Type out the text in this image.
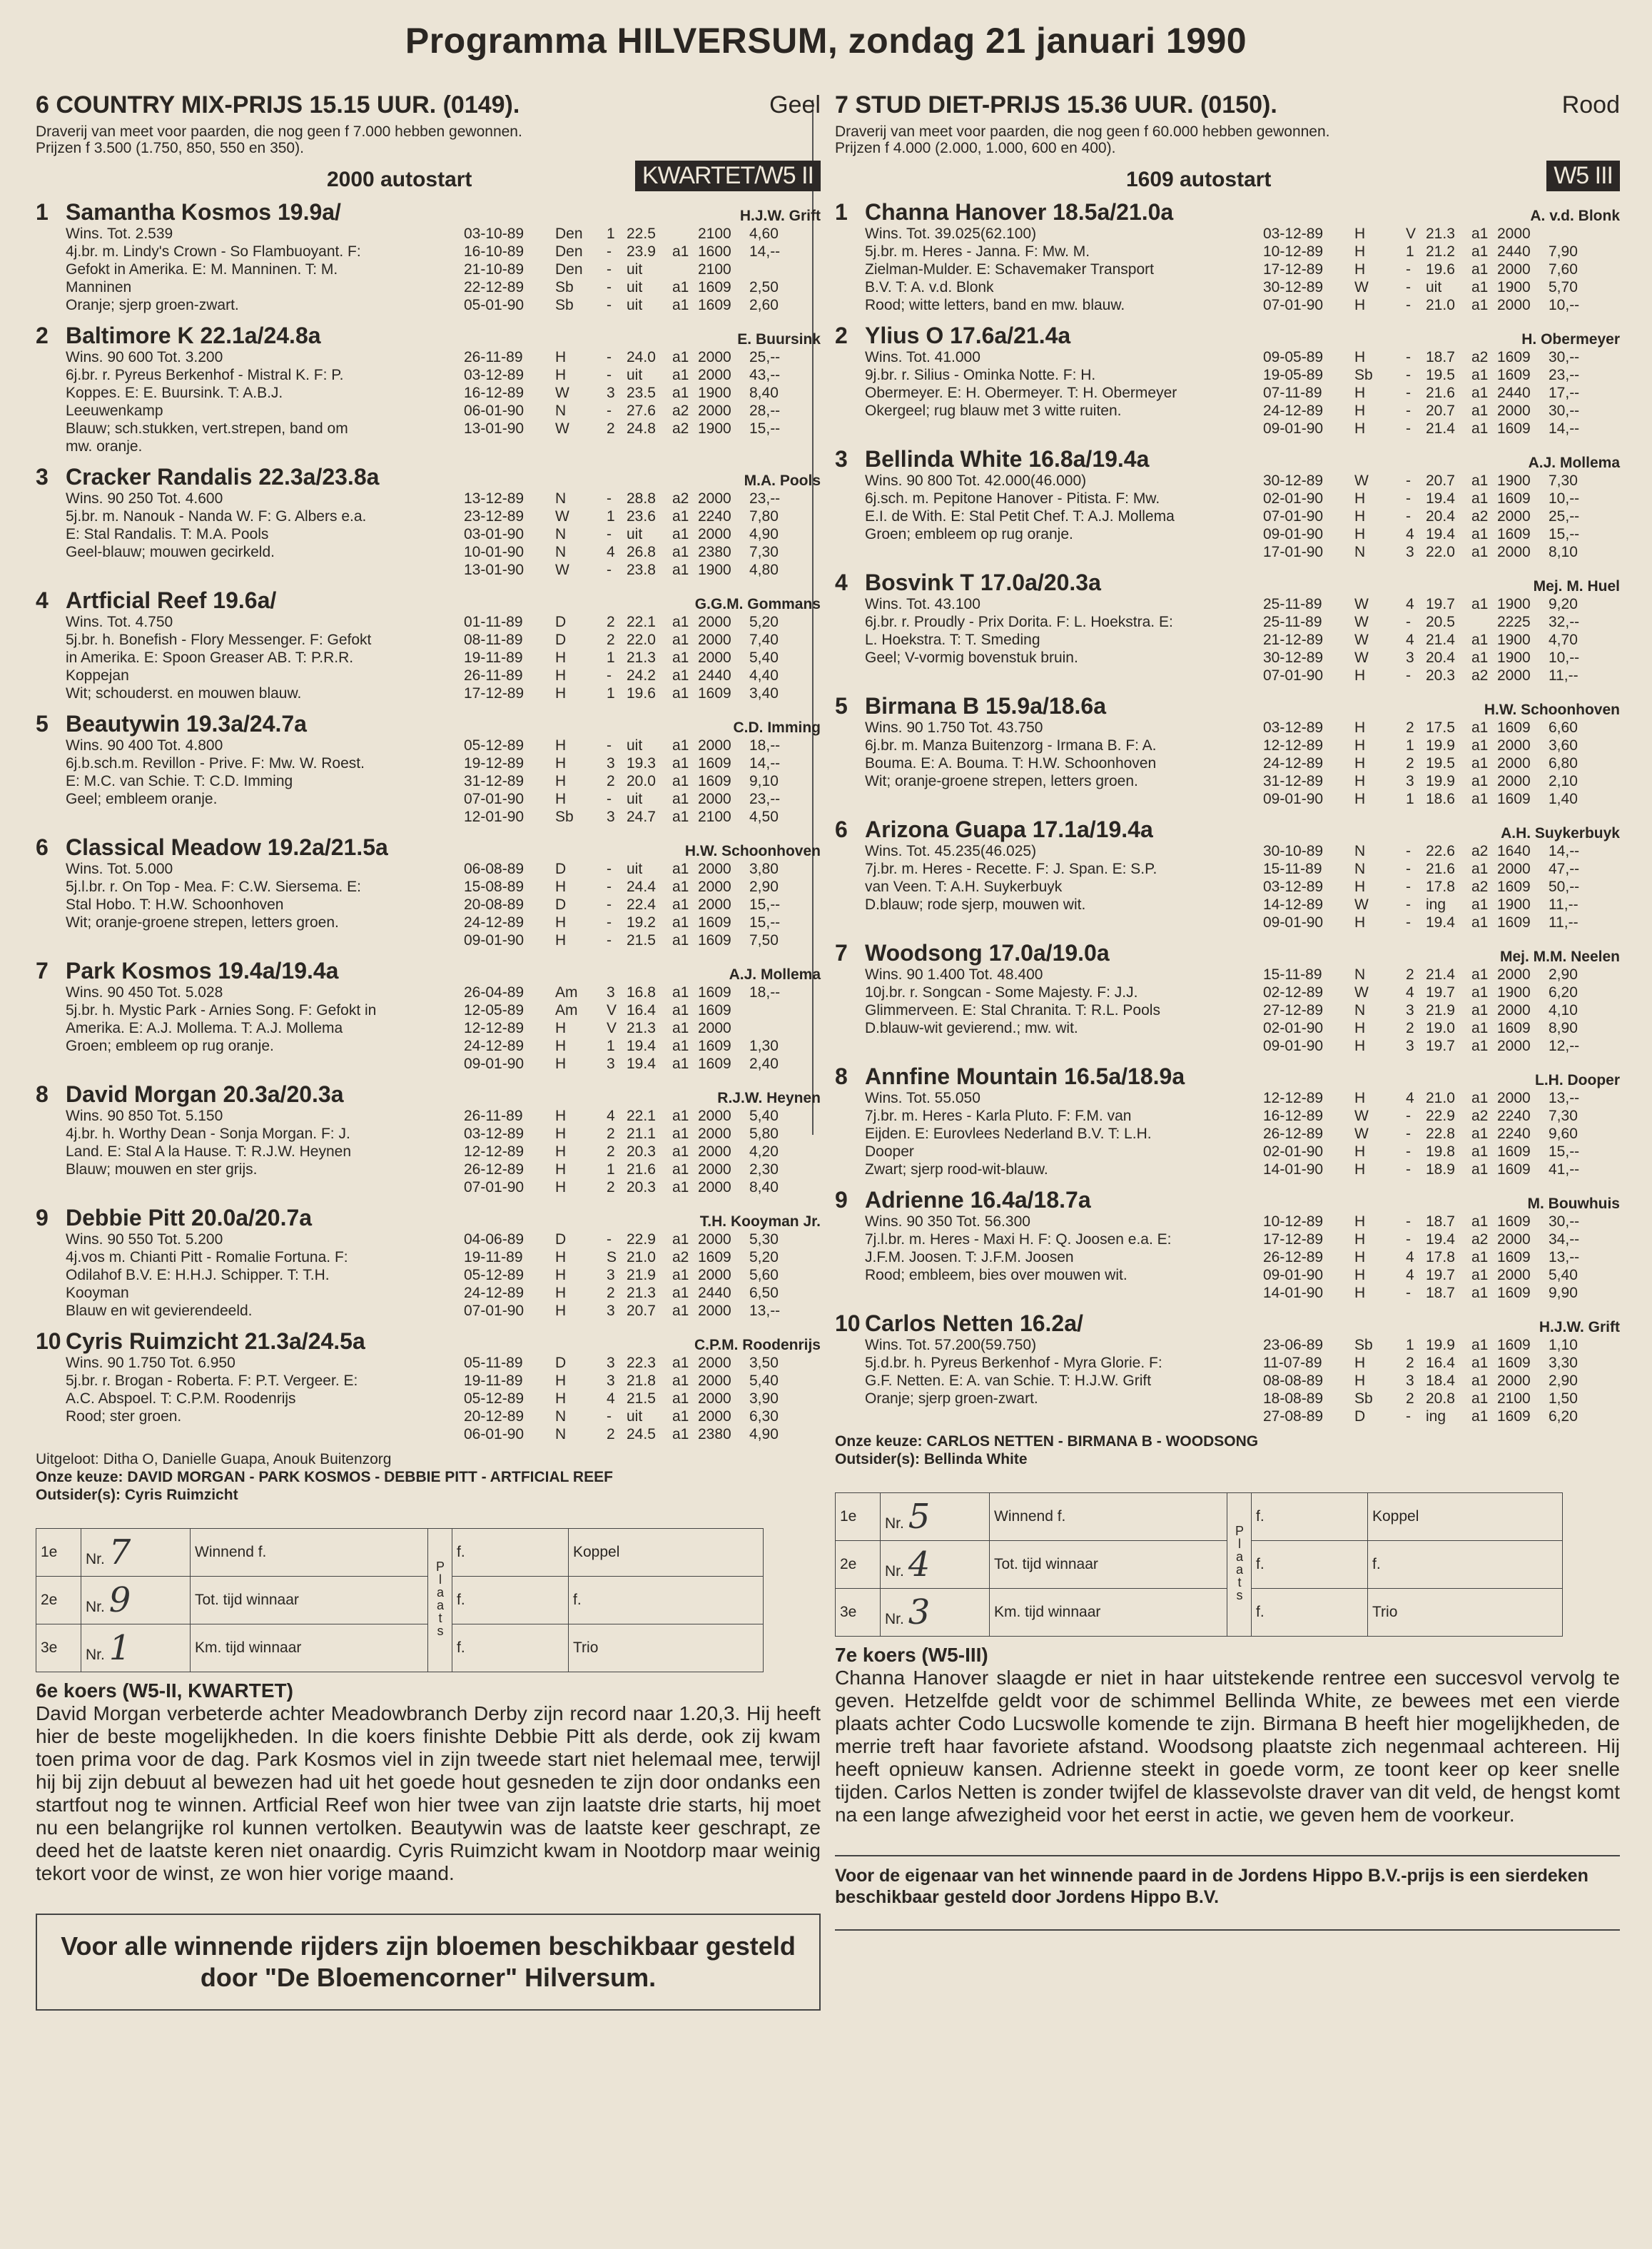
Programma HILVERSUM, zondag 21 januari 1990
6 COUNTRY MIX-PRIJS 15.15 UUR. (0149).	Geel
Draverij van meet voor paarden, die nog geen f 7.000 hebben gewonnen.
Prijzen f 3.500 (1.750, 850, 550 en 350).
2000 autostart	KWARTET/W5 II
1 Samantha Kosmos 19.9a/	H.J.W. Grift
Wins. Tot. 2.539
4j.br. m. Lindy's Crown - So Flambuoyant. F:
Gefokt in Amerika. E: M. Manninen. T: M.
Manninen
Oranje; sjerp groen-zwart.
03-10-89	Den	1 22.5	2100	4,60
16-10-89	Den	-	23.9	a1 1600	14,--
21-10-89	Den	-	uit	2100
22-12-89	Sb	-	uit	a1 1609	2,50
05-01-90	Sb	-	uit	a1 1609	2,60
2 Baltimore K 22.1a/24.8a	E. Buursink
Wins. 90 600 Tot. 3.200
6j.br. r. Pyreus Berkenhof - Mistral K. F: P.
Koppes. E: E. Buursink. T: A.B.J.
Leeuwenkamp
Blauw; sch.stukken, vert.strepen, band om
mw. oranje.
26-11-89	H	-	24.0	a1 2000	25,--
03-12-89	H	-	uit	a1 2000	43,--
16-12-89	W	3 23.5	a1 1900	8,40
06-01-90	N	-	27.6	a2 2000	28,--
13-01-90	W	2 24.8	a2 1900	15,--
3 Cracker Randalis 22.3a/23.8a	M.A. Pools
Wins. 90 250 Tot. 4.600
5j.br. m. Nanouk - Nanda W. F: G. Albers e.a.
E: Stal Randalis. T: M.A. Pools
Geel-blauw; mouwen gecirkeld.
13-12-89	N	-	28.8	a2 2000	23,--
23-12-89	W	1 23.6	a1 2240	7,80
03-01-90	N	-	uit	a1 2000	4,90
10-01-90	N	4 26.8	a1 2380	7,30
13-01-90	W	-	23.8	a1 1900	4,80
4 Artficial Reef 19.6a/	G.G.M. Gommans
Wins. Tot. 4.750
5j.br. h. Bonefish - Flory Messenger. F: Gefokt
in Amerika. E: Spoon Greaser AB. T: P.R.R.
Koppejan
Wit; schouderst. en mouwen blauw.
01-11-89	D	2 22.1	a1 2000	5,20
08-11-89	D	2 22.0	a1 2000	7,40
19-11-89	H	1 21.3	a1 2000	5,40
26-11-89	H	-	24.2	a1 2440	4,40
17-12-89	H	1 19.6	a1 1609	3,40
5 Beautywin 19.3a/24.7a	C.D. Imming
Wins. 90 400 Tot. 4.800
6j.b.sch.m. Revillon - Prive. F: Mw. W. Roest.
E: M.C. van Schie. T: C.D. Imming
Geel; embleem oranje.
05-12-89	H	-	uit	a1 2000	18,--
19-12-89	H	3 19.3	a1 1609	14,--
31-12-89	H	2 20.0	a1 1609	9,10
07-01-90	H	-	uit	a1 2000	23,--
12-01-90	Sb	3 24.7	a1 2100	4,50
6 Classical Meadow 19.2a/21.5a	H.W. Schoonhoven
Wins. Tot. 5.000
5j.l.br. r. On Top - Mea. F: C.W. Siersema. E:
Stal Hobo. T: H.W. Schoonhoven
Wit; oranje-groene strepen, letters groen.
06-08-89	D	-	uit	a1 2000	3,80
15-08-89	H	-	24.4	a1 2000	2,90
20-08-89	D	-	22.4	a1 2000	15,--
24-12-89	H	-	19.2	a1 1609	15,--
09-01-90	H	-	21.5	a1 1609	7,50
7 Park Kosmos 19.4a/19.4a	A.J. Mollema
Wins. 90 450 Tot. 5.028
5j.br. h. Mystic Park - Arnies Song. F: Gefokt in
Amerika. E: A.J. Mollema. T: A.J. Mollema
Groen; embleem op rug oranje.
26-04-89	Am	3 16.8	a1 1609	18,--
12-05-89	Am	V 16.4	a1 1609
12-12-89	H	V 21.3	a1 2000
24-12-89	H	1 19.4	a1 1609	1,30
09-01-90	H	3 19.4	a1 1609	2,40
8 David Morgan 20.3a/20.3a	R.J.W. Heynen
Wins. 90 850 Tot. 5.150
4j.br. h. Worthy Dean - Sonja Morgan. F: J.
Land. E: Stal A la Hause. T: R.J.W. Heynen
Blauw; mouwen en ster grijs.
26-11-89	H	4 22.1	a1 2000	5,40
03-12-89	H	2 21.1	a1 2000	5,80
12-12-89	H	2 20.3	a1 2000	4,20
26-12-89	H	1 21.6	a1 2000	2,30
07-01-90	H	2 20.3	a1 2000	8,40
9 Debbie Pitt 20.0a/20.7a	T.H. Kooyman Jr.
Wins. 90 550 Tot. 5.200
4j.vos m. Chianti Pitt - Romalie Fortuna. F:
Odilahof B.V. E: H.H.J. Schipper. T: T.H.
Kooyman
Blauw en wit gevierendeeld.
04-06-89	D	-	22.9	a1 2000	5,30
19-11-89	H	S 21.0	a2 1609	5,20
05-12-89	H	3 21.9	a1 2000	5,60
24-12-89	H	2 21.3	a1 2440	6,50
07-01-90	H	3 20.7	a1 2000	13,--
10 Cyris Ruimzicht 21.3a/24.5a	C.P.M. Roodenrijs
Wins. 90 1.750 Tot. 6.950
5j.br. r. Brogan - Roberta. F: P.T. Vergeer. E:
A.C. Abspoel. T: C.P.M. Roodenrijs
Rood; ster groen.
05-11-89	D	3 22.3	a1 2000	3,50
19-11-89	H	3 21.8	a1 2000	5,40
05-12-89	H	4 21.5	a1 2000	3,90
20-12-89	N	-	uit	a1 2000	6,30
06-01-90	N	2 24.5	a1 2380	4,90
Uitgeloot: Ditha O, Danielle Guapa, Anouk Buitenzorg
Onze keuze: DAVID MORGAN - PARK KOSMOS - DEBBIE PITT - ARTFICIAL REEF
Outsider(s): Cyris Ruimzicht
1e	Nr. 7	Winnend f.	Plaats	f.	Koppel
2e	Nr. 9	Tot. tijd winnaar		f.	f.
3e	Nr. 1	Km. tijd winnaar		f.	Trio
6e koers (W5-II, KWARTET)
David Morgan verbeterde achter Meadowbranch Derby zijn record naar 1.20,3. Hij heeft hier de beste mogelijkheden. In die koers finishte Debbie Pitt als derde, ook zij kwam toen prima voor de dag. Park Kosmos viel in zijn tweede start niet helemaal mee, terwijl hij bij zijn debuut al bewezen had uit het goede hout gesneden te zijn door ondanks een startfout nog te winnen. Artficial Reef won hier twee van zijn laatste drie starts, hij moet nu een belangrijke rol kunnen vertolken. Beautywin was de laatste keer geschrapt, ze deed het de laatste keren niet onaardig. Cyris Ruimzicht kwam in Nootdorp maar weinig tekort voor de winst, ze won hier vorige maand.
Voor alle winnende rijders zijn bloemen beschikbaar gesteld door "De Bloemencorner" Hilversum.
7 STUD DIET-PRIJS 15.36 UUR. (0150).	Rood
Draverij van meet voor paarden, die nog geen f 60.000 hebben gewonnen.
Prijzen f 4.000 (2.000, 1.000, 600 en 400).
1609 autostart	W5 III
1 Channa Hanover 18.5a/21.0a	A. v.d. Blonk
Wins. Tot. 39.025(62.100)
5j.br. m. Heres - Janna. F: Mw. M.
Zielman-Mulder. E: Schavemaker Transport
B.V. T: A. v.d. Blonk
Rood; witte letters, band en mw. blauw.
03-12-89	H	V 21.3	a1 2000
10-12-89	H	1 21.2	a1 2440	7,90
17-12-89	H	-	19.6	a1 2000	7,60
30-12-89	W	-	uit	a1 1900	5,70
07-01-90	H	-	21.0	a1 2000	10,--
2 Ylius O 17.6a/21.4a	H. Obermeyer
Wins. Tot. 41.000
9j.br. r. Silius - Ominka Notte. F: H.
Obermeyer. E: H. Obermeyer. T: H. Obermeyer
Okergeel; rug blauw met 3 witte ruiten.
09-05-89	H	-	18.7	a2 1609	30,--
19-05-89	Sb	-	19.5	a1 1609	23,--
07-11-89	H	-	21.6	a1 2440	17,--
24-12-89	H	-	20.7	a1 2000	30,--
09-01-90	H	-	21.4	a1 1609	14,--
3 Bellinda White 16.8a/19.4a	A.J. Mollema
Wins. 90 800 Tot. 42.000(46.000)
6j.sch. m. Pepitone Hanover - Pitista. F: Mw.
E.I. de With. E: Stal Petit Chef. T: A.J. Mollema
Groen; embleem op rug oranje.
30-12-89	W	-	20.7	a1 1900	7,30
02-01-90	H	-	19.4	a1 1609	10,--
07-01-90	H	-	20.4	a2 2000	25,--
09-01-90	H	4 19.4	a1 1609	15,--
17-01-90	N	3 22.0	a1 2000	8,10
4 Bosvink T 17.0a/20.3a	Mej. M. Huel
Wins. Tot. 43.100
6j.br. r. Proudly - Prix Dorita. F: L. Hoekstra. E:
L. Hoekstra. T: T. Smeding
Geel; V-vormig bovenstuk bruin.
25-11-89	W	4 19.7	a1 1900	9,20
25-11-89	W	-	20.5	2225	32,--
21-12-89	W	4 21.4	a1 1900	4,70
30-12-89	W	3 20.4	a1 1900	10,--
07-01-90	H	-	20.3	a2 2000	11,--
5 Birmana B 15.9a/18.6a	H.W. Schoonhoven
Wins. 90 1.750 Tot. 43.750
6j.br. m. Manza Buitenzorg - Irmana B. F: A.
Bouma. E: A. Bouma. T: H.W. Schoonhoven
Wit; oranje-groene strepen, letters groen.
03-12-89	H	2 17.5	a1 1609	6,60
12-12-89	H	1 19.9	a1 2000	3,60
24-12-89	H	2 19.5	a1 2000	6,80
31-12-89	H	3 19.9	a1 2000	2,10
09-01-90	H	1 18.6	a1 1609	1,40
6 Arizona Guapa 17.1a/19.4a	A.H. Suykerbuyk
Wins. Tot. 45.235(46.025)
7j.br. m. Heres - Recette. F: J. Span. E: S.P.
van Veen. T: A.H. Suykerbuyk
D.blauw; rode sjerp, mouwen wit.
30-10-89	N	-	22.6	a2 1640	14,--
15-11-89	N	-	21.6	a1 2000	47,--
03-12-89	H	-	17.8	a2 1609	50,--
14-12-89	W	-	ing	a1 1900	11,--
09-01-90	H	-	19.4	a1 1609	11,--
7 Woodsong 17.0a/19.0a	Mej. M.M. Neelen
Wins. 90 1.400 Tot. 48.400
10j.br. r. Songcan - Some Majesty. F: J.J.
Glimmerveen. E: Stal Chranita. T: R.L. Pools
D.blauw-wit gevierend.; mw. wit.
15-11-89	N	2 21.4	a1 2000	2,90
02-12-89	W	4 19.7	a1 1900	6,20
27-12-89	N	3 21.9	a1 2000	4,10
02-01-90	H	2 19.0	a1 1609	8,90
09-01-90	H	3 19.7	a1 2000	12,--
8 Annfine Mountain 16.5a/18.9a	L.H. Dooper
Wins. Tot. 55.050
7j.br. m. Heres - Karla Pluto. F: F.M. van
Eijden. E: Eurovlees Nederland B.V. T: L.H.
Dooper
Zwart; sjerp rood-wit-blauw.
12-12-89	H	4 21.0	a1 2000	13,--
16-12-89	W	-	22.9	a2 2240	7,30
26-12-89	W	-	22.8	a1 2240	9,60
02-01-90	H	-	19.8	a1 1609	15,--
14-01-90	H	-	18.9	a1 1609	41,--
9 Adrienne 16.4a/18.7a	M. Bouwhuis
Wins. 90 350 Tot. 56.300
7j.l.br. m. Heres - Maxi H. F: Q. Joosen e.a. E:
J.F.M. Joosen. T: J.F.M. Joosen
Rood; embleem, bies over mouwen wit.
10-12-89	H	-	18.7	a1 1609	30,--
17-12-89	H	-	19.4	a2 2000	34,--
26-12-89	H	4 17.8	a1 1609	13,--
09-01-90	H	4 19.7	a1 2000	5,40
14-01-90	H	-	18.7	a1 1609	9,90
10 Carlos Netten 16.2a/	H.J.W. Grift
Wins. Tot. 57.200(59.750)
5j.d.br. h. Pyreus Berkenhof - Myra Glorie. F:
G.F. Netten. E: A. van Schie. T: H.J.W. Grift
Oranje; sjerp groen-zwart.
23-06-89	Sb	1 19.9	a1 1609	1,10
11-07-89	H	2 16.4	a1 1609	3,30
08-08-89	H	3 18.4	a1 2000	2,90
18-08-89	Sb	2 20.8	a1 2100	1,50
27-08-89	D	-	ing	a1 1609	6,20
Onze keuze: CARLOS NETTEN - BIRMANA B - WOODSONG
Outsider(s): Bellinda White
1e	Nr. 5	Winnend f.	Plaats	f.	Koppel
2e	Nr. 4	Tot. tijd winnaar		f.	f.
3e	Nr. 3	Km. tijd winnaar		f.	Trio
7e koers (W5-III)
Channa Hanover slaagde er niet in haar uitstekende rentree een succesvol vervolg te geven. Hetzelfde geldt voor de schimmel Bellinda White, ze bewees met een vierde plaats achter Codo Lucswolle komende te zijn. Birmana B heeft hier mogelijkheden, de merrie treft haar favoriete afstand. Woodsong plaatste zich negenmaal achtereen. Hij heeft opnieuw kansen. Adrienne steekt in goede vorm, ze toont keer op keer snelle tijden. Carlos Netten is zonder twijfel de klassevolste draver van dit veld, de hengst komt na een lange afwezigheid voor het eerst in actie, we geven hem de voorkeur.
Voor de eigenaar van het winnende paard in de Jordens Hippo B.V.-prijs is een sierdeken beschikbaar gesteld door Jordens Hippo B.V.
